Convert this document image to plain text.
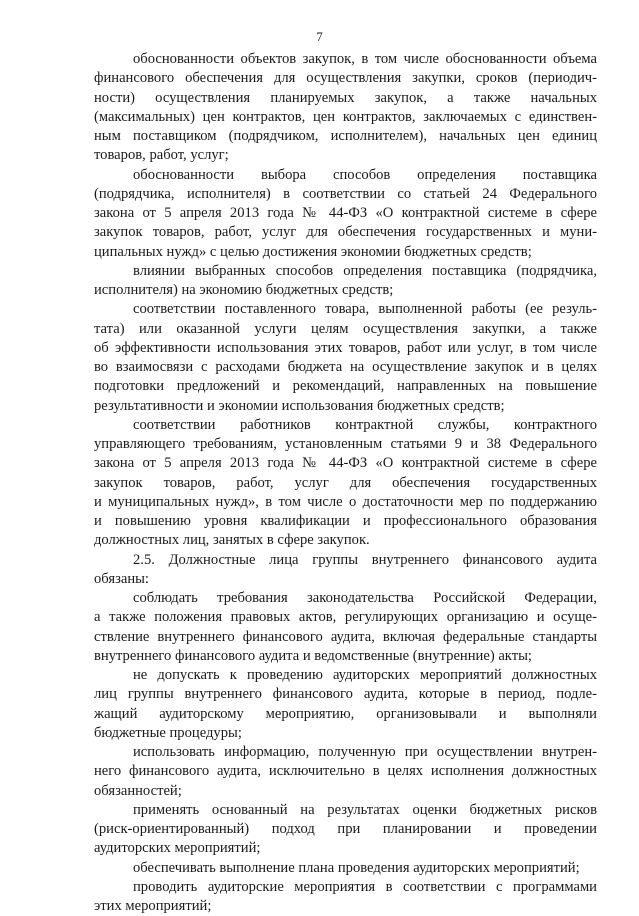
7

обоснованности объектов закупок, в том числе обоснованности объема
финансового обеспечения для осуществления закупки, сроков (периодич-
ности) осуществления планируемых закупок, а также начальных
(максимальных) цен контрактов, цен контрактов, заключаемых с единствен-
ным поставщиком (подрядчиком, исполнителем), начальных цен единиц
товаров, работ, услуг;

обоснованности выбора способов определения поставщика
(подрядчика, исполнителя) в соответствии со статьей 24 Федерального
закона от 5 апреля 2013 года № 44-ФЗ «О контрактной системе в сфере
закупок товаров, работ, услуг для обеспечения государственных и муни-
ципальных нужд» с целью достижения экономии бюджетных средств;

влиянии выбранных способов определения поставщика (подрядчика,
исполнителя) на экономию бюджетных средств;

соответствии поставленного товара, выполненной работы (ее резуль-
тата) или оказанной услуги целям осуществления закупки, а также
об эффективности использования этих товаров, работ или услуг, в том числе
во взаимосвязи с расходами бюджета на осуществление закупок и в целях
подготовки предложений и рекомендаций, направленных на повышение
результативности и экономии использования бюджетных средств;

соответствии работников контрактной службы, контрактного
управляющего требованиям, установленным статьями 9 и 38 Федерального
закона от 5 апреля 2013 года № 44-ФЗ «О контрактной системе в сфере
закупок товаров, работ, услуг для обеспечения государственных
и муниципальных нужд», в том числе о достаточности мер по поддержанию
и повышению уровня квалификации и профессионального образования
должностных лиц, занятых в сфере закупок.

2.5. Должностные лица группы внутреннего финансового аудита
обязаны:

соблюдать требования законодательства Российской Федерации,
а также положения правовых актов, регулирующих организацию и осуще-
ствление внутреннего финансового аудита, включая федеральные стандарты
внутреннего финансового аудита и ведомственные (внутренние) акты;

не допускать к проведению аудиторских мероприятий должностных
лиц группы внутреннего финансового аудита, которые в период, подле-
жащий аудиторскому мероприятию, организовывали и выполняли
бюджетные процедуры;

использовать информацию, полученную при осуществлении внутрен-
него финансового аудита, исключительно в целях исполнения должностных
обязанностей;

применять основанный на результатах оценки бюджетных рисков
(риск-ориентированный) подход при планировании и проведении
аудиторских мероприятий;

обеспечивать выполнение плана проведения аудиторских мероприятий;

проводить аудиторские мероприятия в соответствии с программами
этих мероприятий;
